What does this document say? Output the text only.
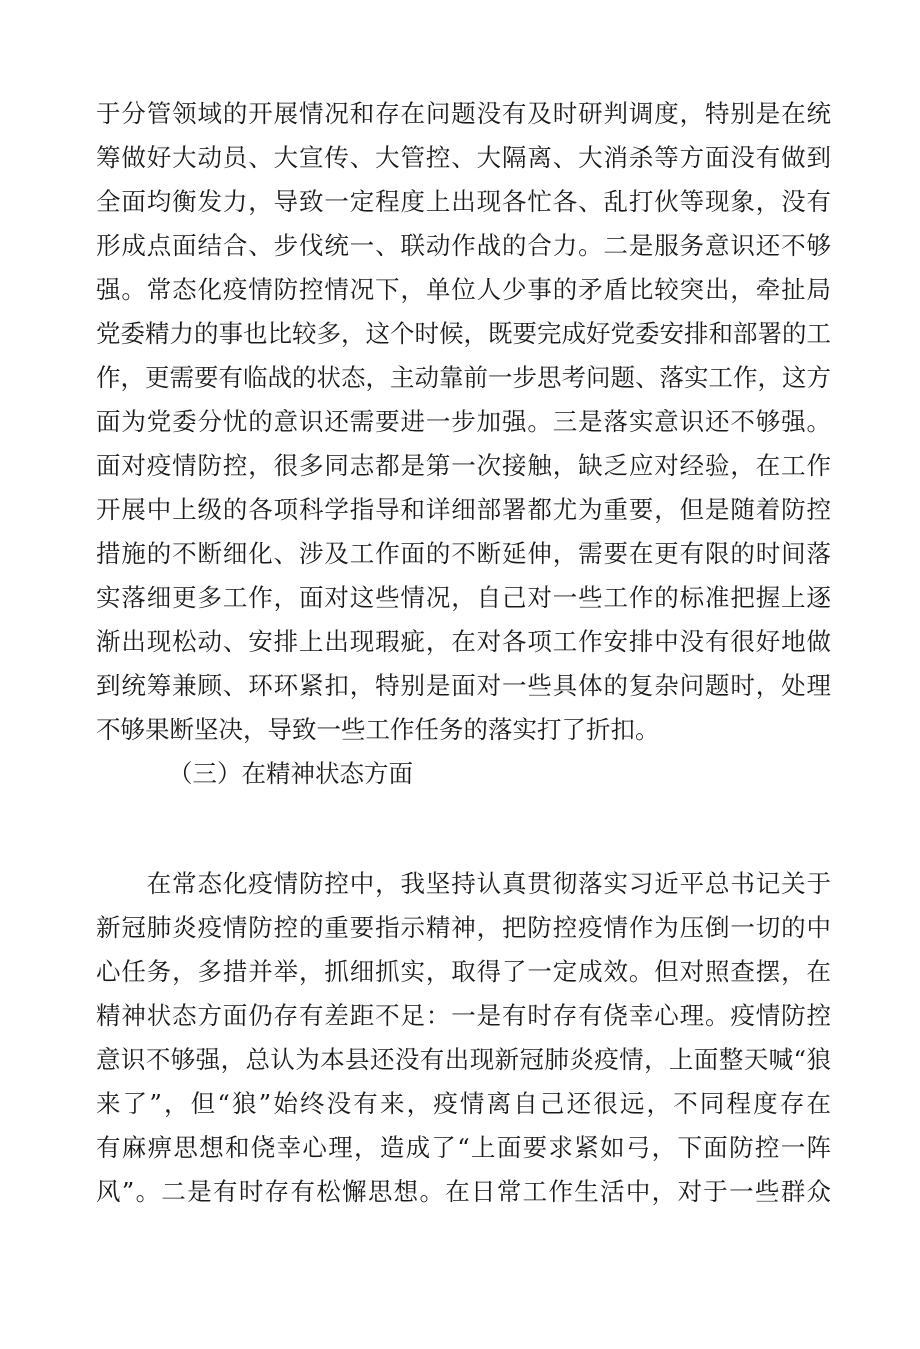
于分管领域的开展情况和存在问题没有及时研判调度，特别是在统
筹做好大动员、大宣传、大管控、大隔离、大消杀等方面没有做到
全面均衡发力，导致一定程度上出现各忙各、乱打伙等现象，没有
形成点面结合、步伐统一、联动作战的合力。二是服务意识还不够
强。常态化疫情防控情况下，单位人少事的矛盾比较突出，牵扯局
党委精力的事也比较多，这个时候，既要完成好党委安排和部署的工
作，更需要有临战的状态，主动靠前一步思考问题、落实工作，这方
面为党委分忧的意识还需要进一步加强。三是落实意识还不够强。
面对疫情防控，很多同志都是第一次接触，缺乏应对经验，在工作
开展中上级的各项科学指导和详细部署都尤为重要，但是随着防控
措施的不断细化、涉及工作面的不断延伸，需要在更有限的时间落
实落细更多工作，面对这些情况，自己对一些工作的标准把握上逐
渐出现松动、安排上出现瑕疵，在对各项工作安排中没有很好地做
到统筹兼顾、环环紧扣，特别是面对一些具体的复杂问题时，处理
不够果断坚决，导致一些工作任务的落实打了折扣。
（三）在精神状态方面
　　在常态化疫情防控中，我坚持认真贯彻落实习近平总书记关于
新冠肺炎疫情防控的重要指示精神，把防控疫情作为压倒一切的中
心任务，多措并举，抓细抓实，取得了一定成效。但对照查摆，在
精神状态方面仍存有差距不足：一是有时存有侥幸心理。疫情防控
意识不够强，总认为本县还没有出现新冠肺炎疫情，上面整天喊“狼
来了”，但“狼”始终没有来，疫情离自己还很远，不同程度存在
有麻痹思想和侥幸心理，造成了“上面要求紧如弓，下面防控一阵
风”。二是有时存有松懈思想。在日常工作生活中，对于一些群众
